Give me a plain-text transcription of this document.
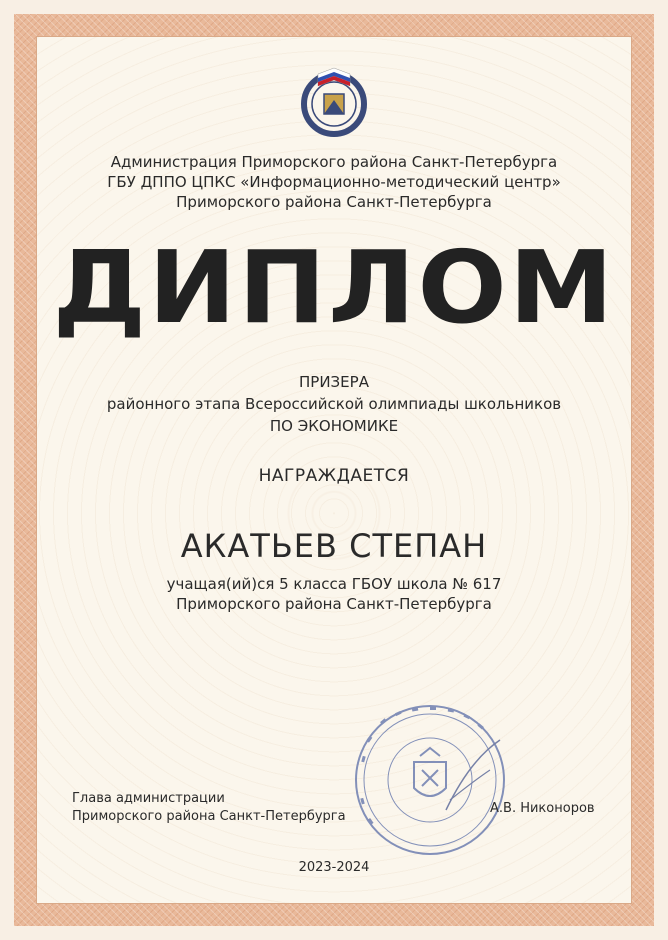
Администрация Приморского района Санкт-Петербурга
ГБУ ДППО ЦПКС «Информационно-методический центр»
Приморского района Санкт-Петербурга
ДИПЛОМ
ПРИЗЕРА
районного этапа Всероссийской олимпиады школьников
ПО ЭКОНОМИКЕ
НАГРАЖДАЕТСЯ
АКАТЬЕВ СТЕПАН
учащая(ий)ся 5 класса ГБОУ школа № 617
Приморского района Санкт-Петербурга
Глава администрации
Приморского района Санкт-Петербурга
А.В. Никоноров
2023-2024
